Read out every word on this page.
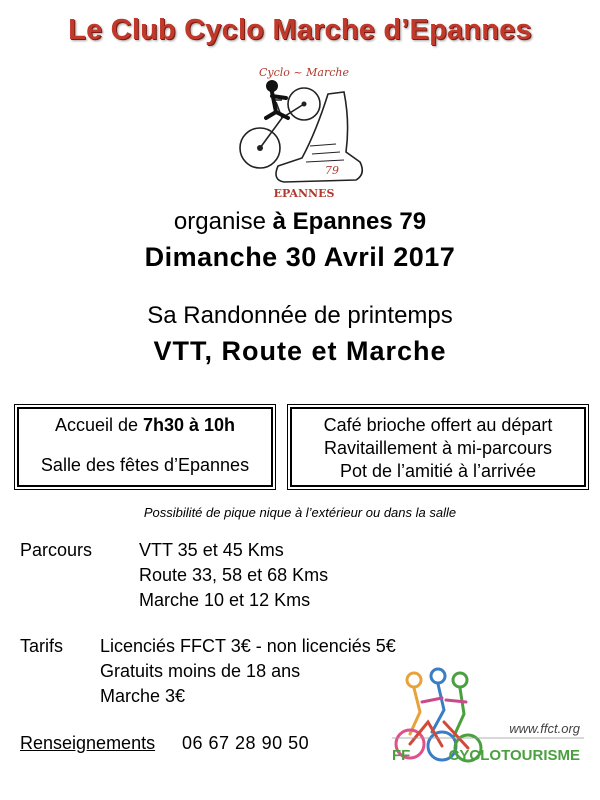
Le Club Cyclo Marche d’Epannes
Cyclo ~ Marche
79
EPANNES
organise à Epannes 79
Dimanche 30 Avril 2017
Sa Randonnée de printemps
VTT, Route et Marche
Accueil de 7h30 à 10h
Salle des fêtes d’Epannes
Café brioche offert au départ
Ravitaillement à mi-parcours
Pot de l’amitié à l’arrivée
Possibilité de pique nique à l’extérieur ou dans la salle
Parcours	VTT 35 et 45 Kms
Route 33, 58 et 68 Kms
Marche 10 et 12 Kms
Tarifs Licenciés FFCT 3€ - non licenciés 5€
Gratuits moins de 18 ans
Marche 3€
Renseignements 06 67 28 90 50
www.ffct.org
FF	CYCLOTOURISME
